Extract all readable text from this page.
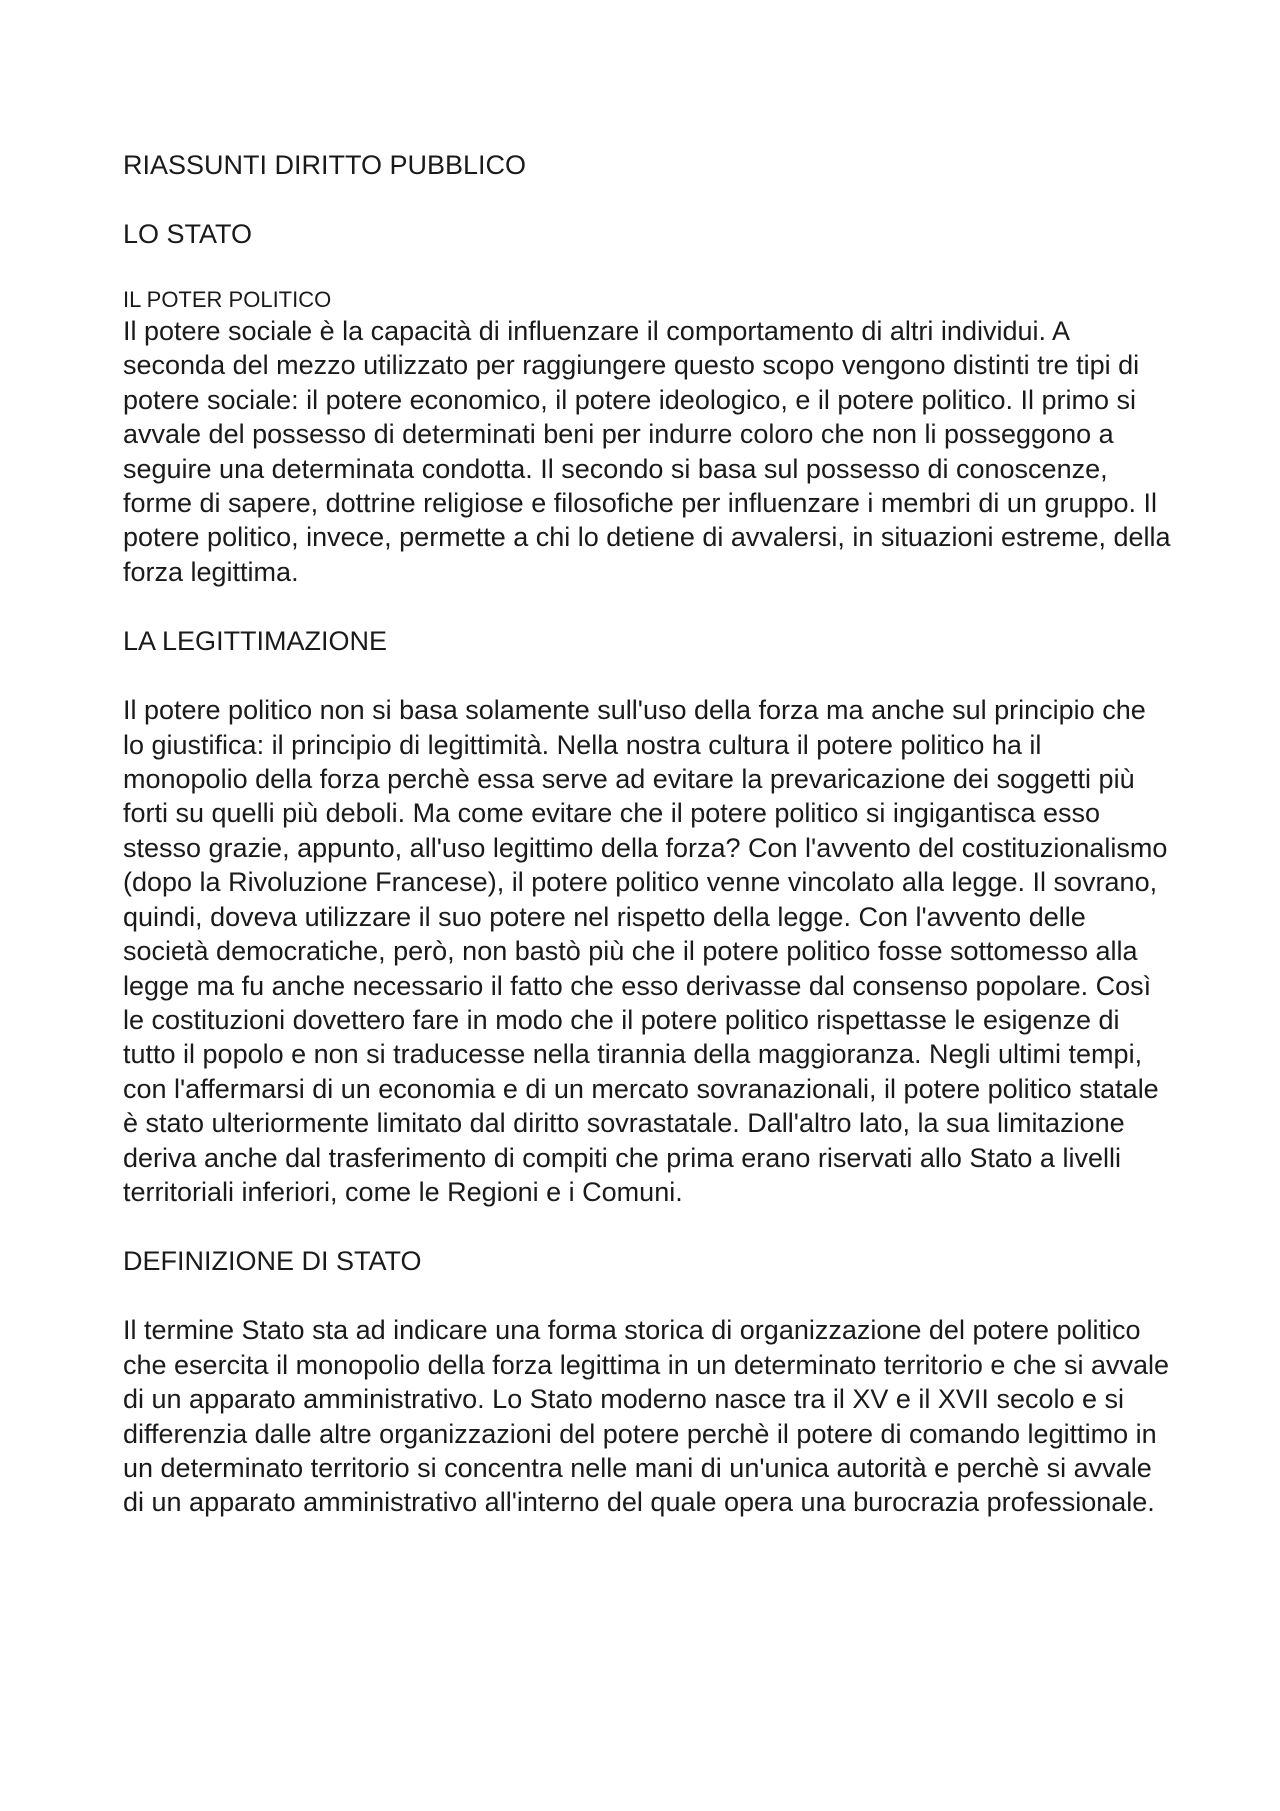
RIASSUNTI DIRITTO PUBBLICO
LO STATO
IL POTER POLITICO

Il potere sociale è la capacità di influenzare il comportamento di altri individui. A seconda del mezzo utilizzato per raggiungere questo scopo vengono distinti tre tipi di potere sociale: il potere economico, il potere ideologico, e il potere politico. Il primo si avvale del possesso di determinati beni per indurre coloro che non li posseggono a seguire una determinata condotta. Il secondo si basa sul possesso di conoscenze, forme di sapere, dottrine religiose e filosofiche per influenzare i membri di un gruppo. Il potere politico, invece, permette a chi lo detiene di avvalersi, in situazioni estreme, della forza legittima.

LA LEGITTIMAZIONE

Il potere politico non si basa solamente sull'uso della forza ma anche sul principio che lo giustifica: il principio di legittimità. Nella nostra cultura il potere politico ha il monopolio della forza perchè essa serve ad evitare la prevaricazione dei soggetti più forti su quelli più deboli. Ma come evitare che il potere politico si ingigantisca esso stesso grazie, appunto, all'uso legittimo della forza? Con l'avvento del costituzionalismo (dopo la Rivoluzione Francese), il potere politico venne vincolato alla legge. Il sovrano, quindi, doveva utilizzare il suo potere nel rispetto della legge. Con l'avvento delle società democratiche, però, non bastò più che il potere politico fosse sottomesso alla legge ma fu anche necessario il fatto che esso derivasse dal consenso popolare. Così le costituzioni dovettero fare in modo che il potere politico rispettasse le esigenze di tutto il popolo e non si traducesse nella tirannia della maggioranza. Negli ultimi tempi, con l'affermarsi di un economia e di un mercato sovranazionali, il potere politico statale è stato ulteriormente limitato dal diritto sovrastatale. Dall'altro lato, la sua limitazione deriva anche dal trasferimento di compiti che prima erano riservati allo Stato a livelli territoriali inferiori, come le Regioni e i Comuni.

DEFINIZIONE DI STATO

Il termine Stato sta ad indicare una forma storica di organizzazione del potere politico che esercita il monopolio della forza legittima in un determinato territorio e che si avvale di un apparato amministrativo. Lo Stato moderno nasce tra il XV e il XVII secolo e si differenzia dalle altre organizzazioni del potere perchè il potere di comando legittimo in un determinato territorio si concentra nelle mani di un'unica autorità e perchè si avvale di un apparato amministrativo all'interno del quale opera una burocrazia professionale.
